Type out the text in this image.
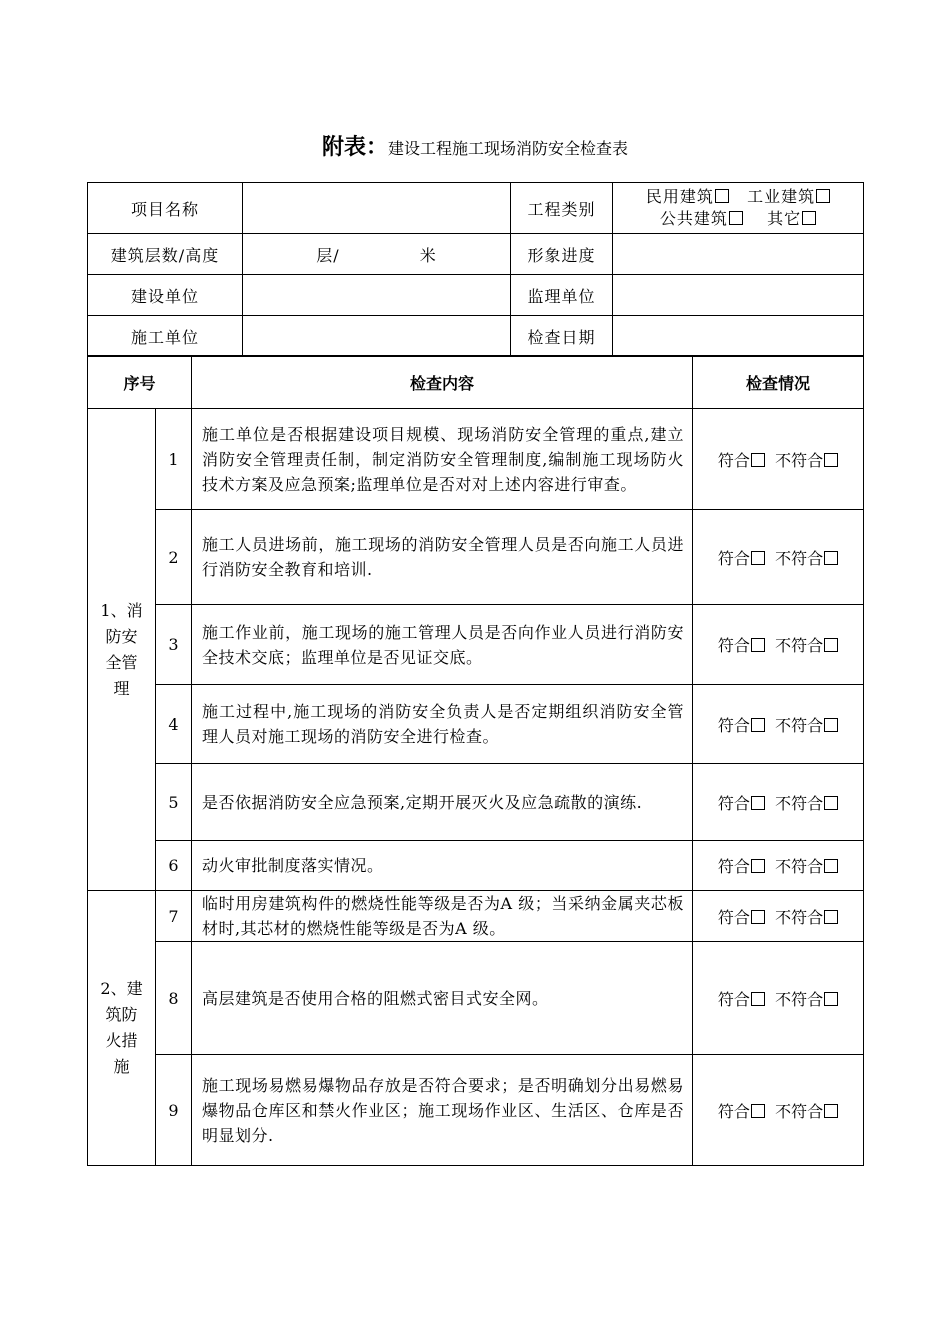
附表：建设工程施工现场消防安全检查表
项目名称		工程类别	民用建筑 工业建筑
公共建筑 其它

建筑层数/高度	层/ 米	形象进度	
建设单位		监理单位	
施工单位		检查日期	
序号		检查内容	检查情况

1、消
防安
全管
理	1	施工单位是否根据建设项目规模、现场消防安全管理的重点,建立消防安全管理责任制，制定消防安全管理制度,编制施工现场防火技术方案及应急预案;监理单位是否对对上述内容进行审查。	符合 不符合
	2	施工人员进场前，施工现场的消防安全管理人员是否向施工人员进行消防安全教育和培训.	符合 不符合
	3	施工作业前，施工现场的施工管理人员是否向作业人员进行消防安全技术交底；监理单位是否见证交底。	符合 不符合
	4	施工过程中,施工现场的消防安全负责人是否定期组织消防安全管理人员对施工现场的消防安全进行检查。	符合 不符合
	5	是否依据消防安全应急预案,定期开展灭火及应急疏散的演练.	符合 不符合
	6	动火审批制度落实情况。	符合 不符合

2、建
筑防
火措
施	7	临时用房建筑构件的燃烧性能等级是否为A 级；当采纳金属夹芯板材时,其芯材的燃烧性能等级是否为A 级。	符合 不符合
	8	高层建筑是否使用合格的阻燃式密目式安全网。	符合 不符合
	9	施工现场易燃易爆物品存放是否符合要求；是否明确划分出易燃易爆物品仓库区和禁火作业区；施工现场作业区、生活区、仓库是否明显划分.	符合 不符合
